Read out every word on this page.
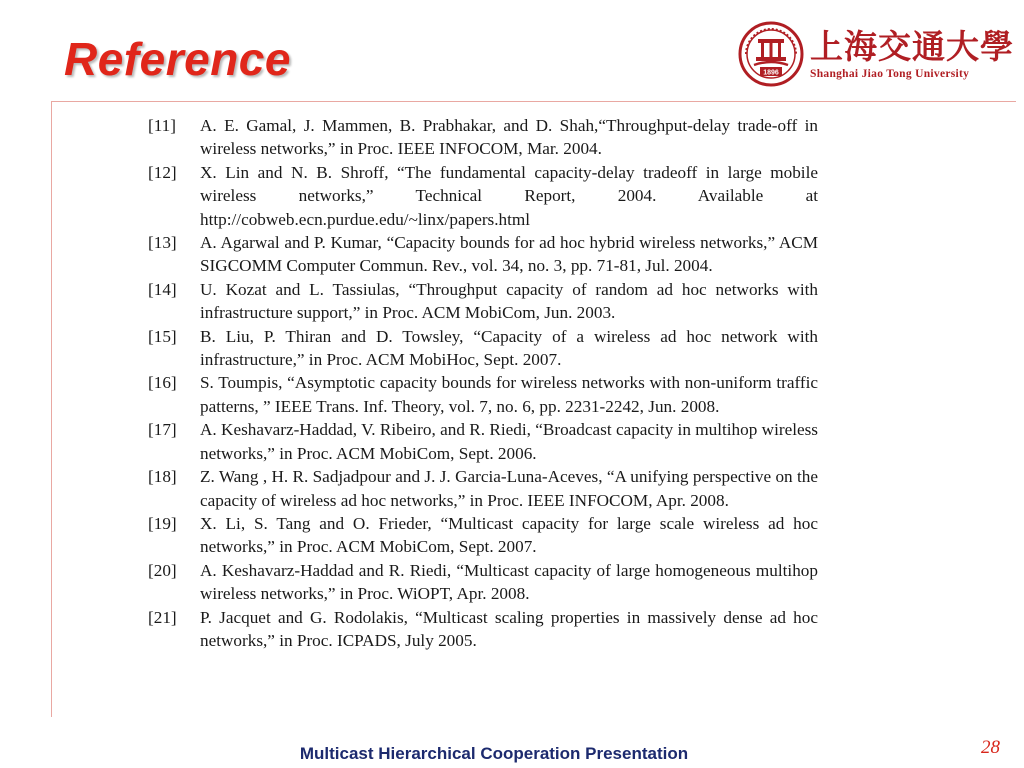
Reference	1896
上海交通大學
Shanghai Jiao Tong University
[11]	A. E. Gamal, J. Mammen, B. Prabhakar, and D. Shah,“Throughput-delay trade-off in wireless networks,” in Proc. IEEE INFOCOM, Mar. 2004.
[12]	X. Lin and N. B. Shroff, “The fundamental capacity-delay tradeoff in large mobile wireless networks,” Technical Report, 2004. Available at http://cobweb.ecn.purdue.edu/~linx/papers.html
[13]	A. Agarwal and P. Kumar, “Capacity bounds for ad hoc hybrid wireless networks,” ACM SIGCOMM Computer Commun. Rev., vol. 34, no. 3, pp. 71-81, Jul. 2004.
[14]	U. Kozat and L. Tassiulas, “Throughput capacity of random ad hoc networks with infrastructure support,” in Proc. ACM MobiCom, Jun. 2003.
[15]	B. Liu, P. Thiran and D. Towsley, “Capacity of a wireless ad hoc network with infrastructure,” in Proc. ACM MobiHoc, Sept. 2007.
[16]	S. Toumpis, “Asymptotic capacity bounds for wireless networks with non-uniform traffic patterns, ” IEEE Trans. Inf. Theory, vol. 7, no. 6, pp. 2231-2242, Jun. 2008.
[17]	A. Keshavarz-Haddad, V. Ribeiro, and R. Riedi, “Broadcast capacity in multihop wireless networks,” in Proc. ACM MobiCom, Sept. 2006.
[18]	Z. Wang , H. R. Sadjadpour and J. J. Garcia-Luna-Aceves, “A unifying perspective on the capacity of wireless ad hoc networks,” in Proc. IEEE INFOCOM, Apr. 2008.
[19]	X. Li, S. Tang and O. Frieder, “Multicast capacity for large scale wireless ad hoc networks,” in Proc. ACM MobiCom, Sept. 2007.
[20]	A. Keshavarz-Haddad and R. Riedi, “Multicast capacity of large homogeneous multihop wireless networks,” in Proc. WiOPT, Apr. 2008.
[21]	P. Jacquet and G. Rodolakis, “Multicast scaling properties in massively dense ad hoc networks,” in Proc. ICPADS, July 2005.
Multicast Hierarchical Cooperation Presentation	28
